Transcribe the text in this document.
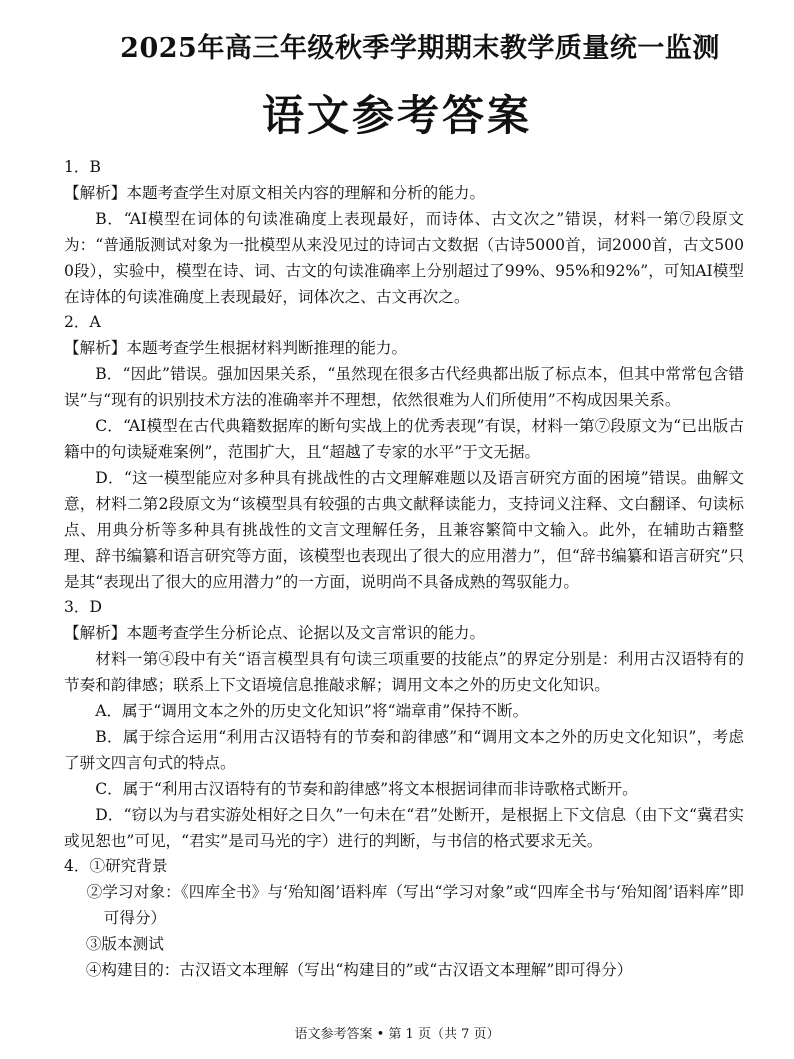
2025年高三年级秋季学期期末教学质量统一监测
语文参考答案

1．B

【解析】本题考查学生对原文相关内容的理解和分析的能力。

B．“AI模型在词体的句读准确度上表现最好，而诗体、古文次之”错误，材料一第⑦段原文为：“普通版测试对象为一批模型从来没见过的诗词古文数据（古诗5000首，词2000首，古文5000段），实验中，模型在诗、词、古文的句读准确率上分别超过了99%、95%和92%”，可知AI模型在诗体的句读准确度上表现最好，词体次之、古文再次之。

2．A

【解析】本题考查学生根据材料判断推理的能力。

B．“因此”错误。强加因果关系，“虽然现在很多古代经典都出版了标点本，但其中常常包含错误”与“现有的识别技术方法的准确率并不理想，依然很难为人们所使用”不构成因果关系。

C．“AI模型在古代典籍数据库的断句实战上的优秀表现”有误，材料一第⑦段原文为“已出版古籍中的句读疑难案例”，范围扩大，且“超越了专家的水平”于文无据。

D．“这一模型能应对多种具有挑战性的古文理解难题以及语言研究方面的困境”错误。曲解文意，材料二第2段原文为“该模型具有较强的古典文献释读能力，支持词义注释、文白翻译、句读标点、用典分析等多种具有挑战性的文言文理解任务，且兼容繁简中文输入。此外，在辅助古籍整理、辞书编纂和语言研究等方面，该模型也表现出了很大的应用潜力”，但“辞书编纂和语言研究”只是其“表现出了很大的应用潜力”的一方面，说明尚不具备成熟的驾驭能力。

3．D

【解析】本题考查学生分析论点、论据以及文言常识的能力。

材料一第④段中有关“语言模型具有句读三项重要的技能点”的界定分别是：利用古汉语特有的节奏和韵律感；联系上下文语境信息推敲求解；调用文本之外的历史文化知识。

A．属于“调用文本之外的历史文化知识”将“端章甫”保持不断。

B．属于综合运用“利用古汉语特有的节奏和韵律感”和“调用文本之外的历史文化知识”，考虑了骈文四言句式的特点。

C．属于“利用古汉语特有的节奏和韵律感”将文本根据词律而非诗歌格式断开。

D．“窃以为与君实游处相好之日久”一句未在“君”处断开，是根据上下文信息（由下文“冀君实或见恕也”可见，“君实”是司马光的字）进行的判断，与书信的格式要求无关。

4．①研究背景

②学习对象：《四库全书》与‘殆知阁’语料库（写出“学习对象”或“四库全书与‘殆知阁’语料库”即可得分）

③版本测试

④构建目的：古汉语文本理解（写出“构建目的”或“古汉语文本理解”即可得分）

语文参考答案 • 第 1 页（共 7 页）
